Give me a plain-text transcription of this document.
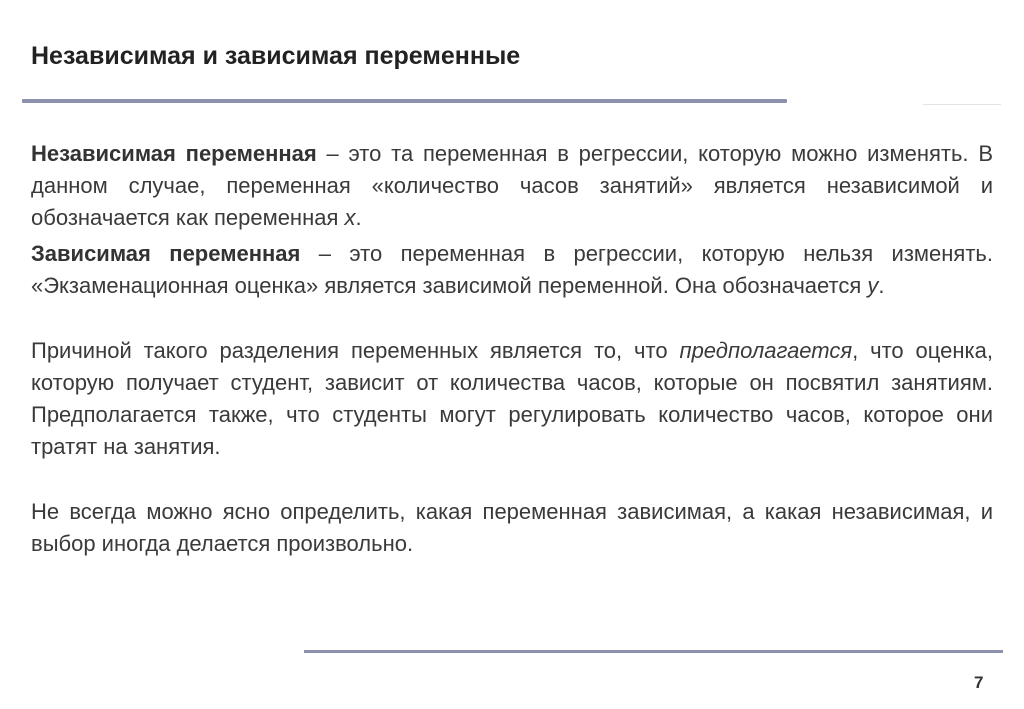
Независимая и зависимая переменные

Независимая переменная – это та переменная в регрессии, которую можно изменять. В данном случае, переменная «количество часов занятий» является независимой и обозначается как переменная x.

Зависимая переменная – это переменная в регрессии, которую нельзя изменять. «Экзаменационная оценка» является зависимой переменной. Она обозначается y.

Причиной такого разделения переменных является то, что предполагается, что оценка, которую получает студент, зависит от количества часов, которые он посвятил занятиям. Предполагается также, что студенты могут регулировать количество часов, которое они тратят на занятия.

Не всегда можно ясно определить, какая переменная зависимая, а какая независимая, и выбор иногда делается произвольно.

7
